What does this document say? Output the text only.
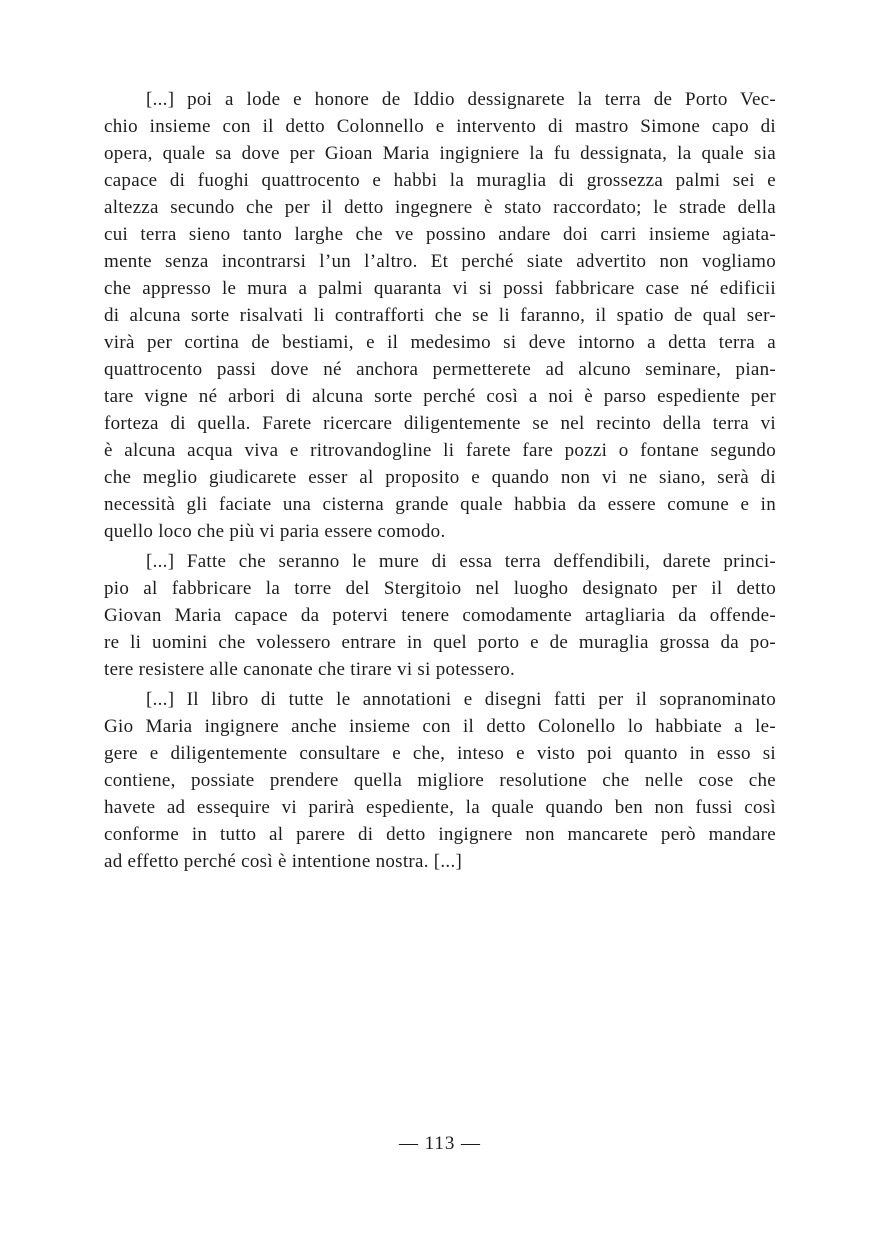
[...] poi a lode e honore de Iddio dessignarete la terra de Porto Vec-
chio insieme con il detto Colonnello e intervento di mastro Simone capo di
opera, quale sa dove per Gioan Maria ingigniere la fu dessignata, la quale sia
capace di fuoghi quattrocento e habbi la muraglia di grossezza palmi sei e
altezza secundo che per il detto ingegnere è stato raccordato; le strade della
cui terra sieno tanto larghe che ve possino andare doi carri insieme agiata-
mente senza incontrarsi l’un l’altro. Et perché siate advertito non vogliamo
che appresso le mura a palmi quaranta vi si possi fabbricare case né edificii
di alcuna sorte risalvati li contrafforti che se li faranno, il spatio de qual ser-
virà per cortina de bestiami, e il medesimo si deve intorno a detta terra a
quattrocento passi dove né anchora permetterete ad alcuno seminare, pian-
tare vigne né arbori di alcuna sorte perché così a noi è parso espediente per
forteza di quella. Farete ricercare diligentemente se nel recinto della terra vi
è alcuna acqua viva e ritrovandogline li farete fare pozzi o fontane segundo
che meglio giudicarete esser al proposito e quando non vi ne siano, serà di
necessità gli faciate una cisterna grande quale habbia da essere comune e in
quello loco che più vi paria essere comodo.
[...] Fatte che seranno le mure di essa terra deffendibili, darete princi-
pio al fabbricare la torre del Stergitoio nel luogho designato per il detto
Giovan Maria capace da potervi tenere comodamente artagliaria da offende-
re li uomini che volessero entrare in quel porto e de muraglia grossa da po-
tere resistere alle canonate che tirare vi si potessero.
[...] Il libro di tutte le annotationi e disegni fatti per il sopranominato
Gio Maria ingignere anche insieme con il detto Colonello lo habbiate a le-
gere e diligentemente consultare e che, inteso e visto poi quanto in esso si
contiene, possiate prendere quella migliore resolutione che nelle cose che
havete ad essequire vi parirà espediente, la quale quando ben non fussi così
conforme in tutto al parere di detto ingignere non mancarete però mandare
ad effetto perché così è intentione nostra. [...]
— 113 —
